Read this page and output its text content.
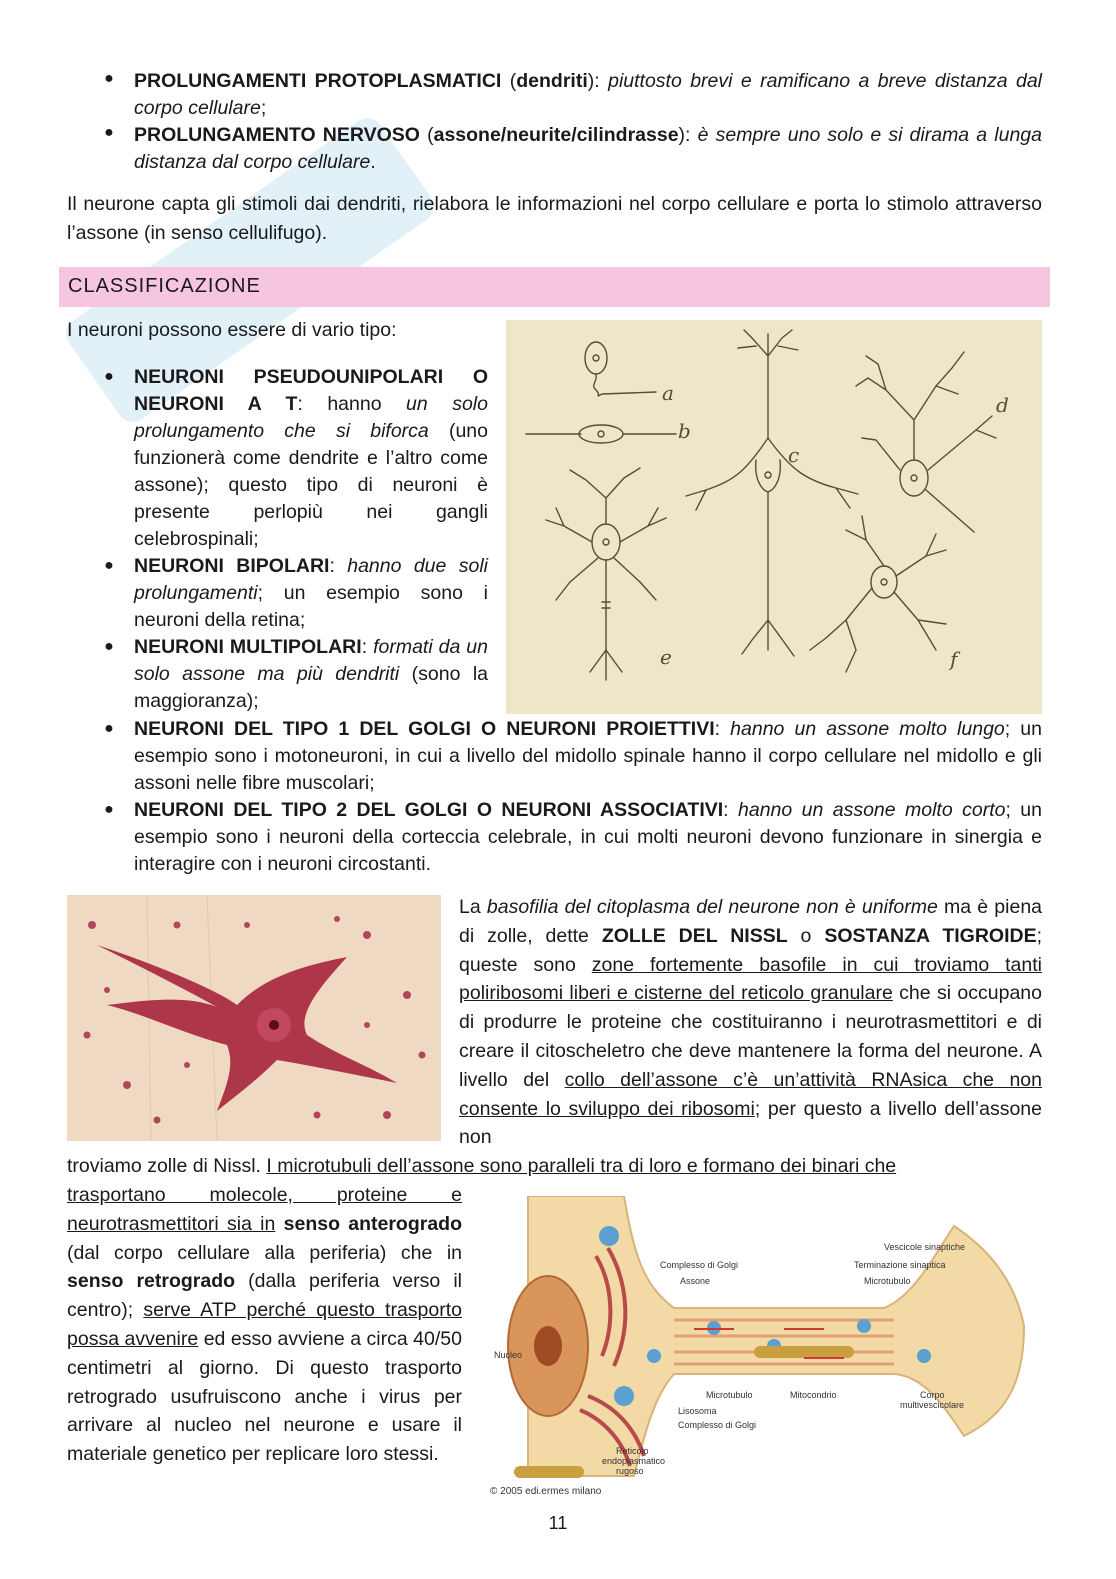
● PROLUNGAMENTI PROTOPLASMATICI (dendriti): piuttosto brevi e ramificano a breve distanza dal corpo cellulare;
● PROLUNGAMENTO NERVOSO (assone/neurite/cilindrasse): è sempre uno solo e si dirama a lunga distanza dal corpo cellulare.
Il neurone capta gli stimoli dai dendriti, rielabora le informazioni nel corpo cellulare e porta lo stimolo attraverso l’assone (in senso cellulifugo).
CLASSIFICAZIONE
I neuroni possono essere di vario tipo:
a
b
c
d
e	f
● NEURONI PSEUDOUNIPOLARI O NEURONI A T: hanno un solo prolungamento che si biforca (uno funzionerà come dendrite e l’altro come assone); questo tipo di neuroni è presente perlopiù nei gangli celebrospinali;
● NEURONI BIPOLARI: hanno due soli prolungamenti; un esempio sono i neuroni della retina;
● NEURONI MULTIPOLARI: formati da un solo assone ma più dendriti (sono la maggioranza);
● NEURONI DEL TIPO 1 DEL GOLGI O NEURONI PROIETTIVI: hanno un assone molto lungo; un esempio sono i motoneuroni, in cui a livello del midollo spinale hanno il corpo cellulare nel midollo e gli assoni nelle fibre muscolari;
● NEURONI DEL TIPO 2 DEL GOLGI O NEURONI ASSOCIATIVI: hanno un assone molto corto; un esempio sono i neuroni della corteccia celebrale, in cui molti neuroni devono funzionare in sinergia e interagire con i neuroni circostanti.
La basofilia del citoplasma del neurone non è uniforme ma è piena di zolle, dette ZOLLE DEL NISSL o SOSTANZA TIGROIDE; queste sono zone fortemente basofile in cui troviamo tanti poliribosomi liberi e cisterne del reticolo granulare che si occupano di produrre le proteine che costituiranno i neurotrasmettitori e di creare il citoscheletro che deve mantenere la forma del neurone. A livello del collo dell’assone c’è un’attività RNAsica che non consente lo sviluppo dei ribosomi; per questo a livello dell’assone non
troviamo zolle di Nissl. I microtubuli dell’assone sono paralleli tra di loro e formano dei binari che
trasportano molecole, proteine e neurotrasmettitori sia in senso anterogrado (dal corpo cellulare alla periferia) che in senso retrogrado (dalla periferia verso il centro); serve ATP perché questo trasporto possa avvenire ed esso avviene a circa 40/50 centimetri al giorno. Di questo trasporto retrogrado usufruiscono anche i virus per arrivare al nucleo nel neurone e usare il materiale genetico per replicare loro stessi.
Complesso di Golgi
Assone
Vescicole sinaptiche
Terminazione sinaptica
Microtubulo
Nucleo
Microtubulo	Mitocondrio
Lisosoma
Complesso di Golgi
Reticolo
endoplasmatico
rugoso
Corpo
multivescicolare
© 2005 edi.ermes milano
11
